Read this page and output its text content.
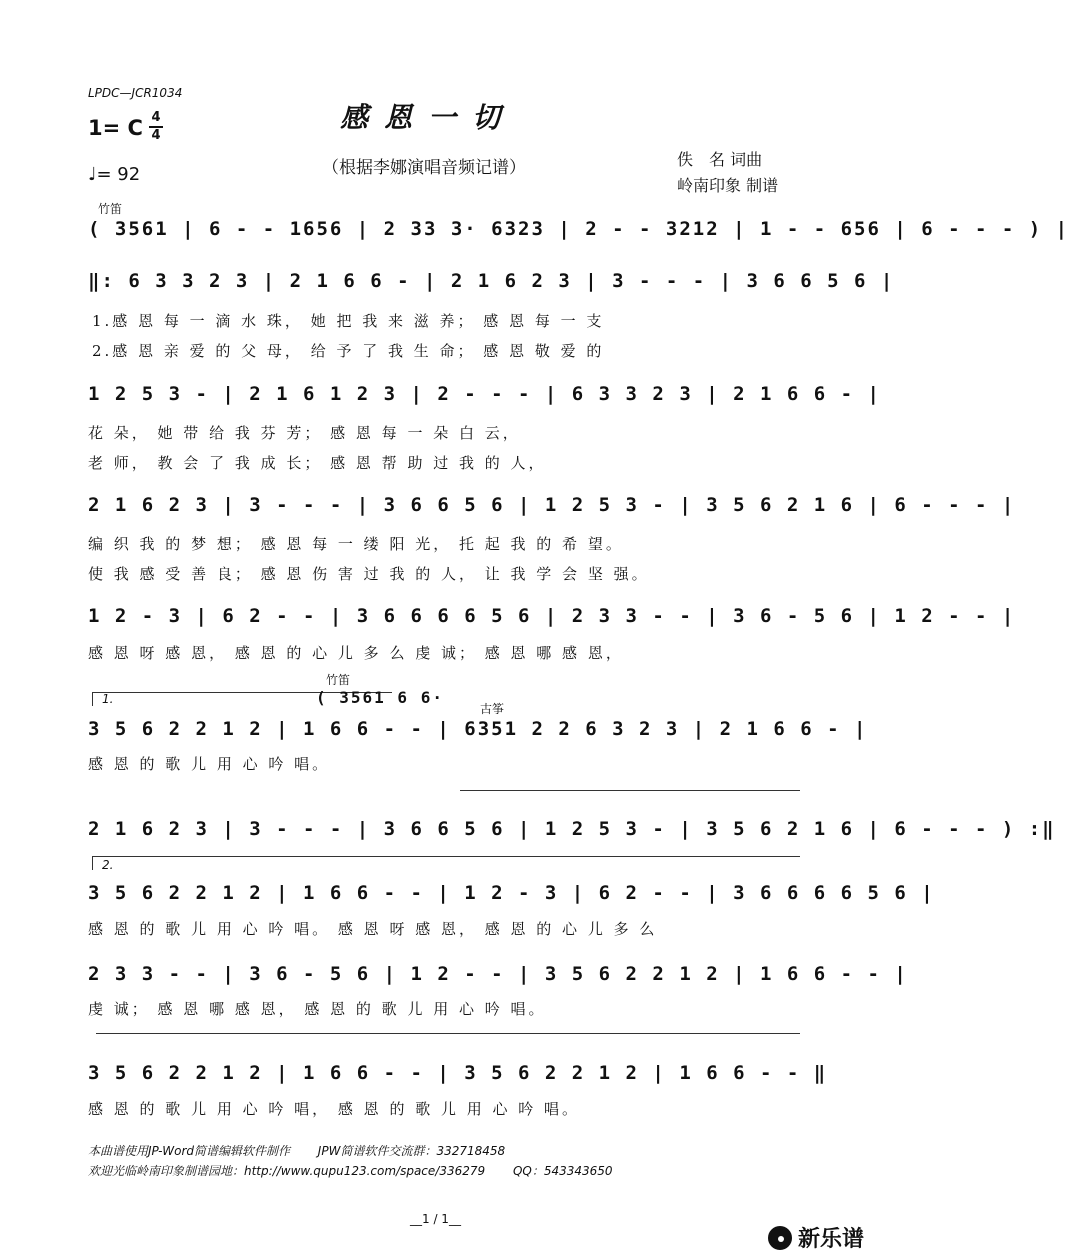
LPDC—JCR1034
1= C 4
4
♩= 92
感恩一切
（根据李娜演唱音频记谱）	佚　名 词曲
岭南印象 制谱
竹笛
( 3561 | 6 - - 1656 | 2 33 3· 6323 | 2 - - 3212 | 1 - - 656 | 6 - - - ) |
‖: 6 3 3 2 3 | 2 1 6 6 - | 2 1 6 2 3 | 3 - - - | 3 6 6 5 6 |
1.感 恩 每 一 滴 水 珠， 她 把 我 来 滋 养； 感 恩 每 一 支
2.感 恩 亲 爱 的 父 母， 给 予 了 我 生 命； 感 恩 敬 爱 的
1 2 5 3 - | 2 1 6 1 2 3 | 2 - - - | 6 3 3 2 3 | 2 1 6 6 - |
花 朵， 她 带 给 我 芬 芳； 感 恩 每 一 朵 白 云，
老 师， 教 会 了 我 成 长； 感 恩 帮 助 过 我 的 人，
2 1 6 2 3 | 3 - - - | 3 6 6 5 6 | 1 2 5 3 - | 3 5 6 2 1 6 | 6 - - - |
编 织 我 的 梦 想； 感 恩 每 一 缕 阳 光， 托 起 我 的 希 望。
使 我 感 受 善 良； 感 恩 伤 害 过 我 的 人， 让 我 学 会 坚 强。
1 2 - 3 | 6 2 - - | 3 6 6 6 6 5 6 | 2 3 3 - - | 3 6 - 5 6 | 1 2 - - |
感 恩 呀 感 恩， 感 恩 的 心 儿 多 么 虔 诚； 感 恩 哪 感 恩，
竹笛
古筝
1.	( 3561 6 6·
3 5 6 2 2 1 2 | 1 6 6 - - | 6351 2 2 6 3 2 3 | 2 1 6 6 - |
感 恩 的 歌 儿 用 心 吟 唱。
2 1 6 2 3 | 3 - - - | 3 6 6 5 6 | 1 2 5 3 - | 3 5 6 2 1 6 | 6 - - - ) :‖
2.
3 5 6 2 2 1 2 | 1 6 6 - - | 1 2 - 3 | 6 2 - - | 3 6 6 6 6 5 6 |
感 恩 的 歌 儿 用 心 吟 唱。 感 恩 呀 感 恩， 感 恩 的 心 儿 多 么
2 3 3 - - | 3 6 - 5 6 | 1 2 - - | 3 5 6 2 2 1 2 | 1 6 6 - - |
虔 诚； 感 恩 哪 感 恩， 感 恩 的 歌 儿 用 心 吟 唱。
3 5 6 2 2 1 2 | 1 6 6 - - | 3 5 6 2 2 1 2 | 1 6 6 - - ‖
感 恩 的 歌 儿 用 心 吟 唱， 感 恩 的 歌 儿 用 心 吟 唱。
本曲谱使用JP-Word简谱编辑软件制作　　 JPW简谱软件交流群：332718458
欢迎光临岭南印象制谱园地：http://www.qupu123.com/space/336279　　 QQ：543343650
__1 / 1__
新乐谱
